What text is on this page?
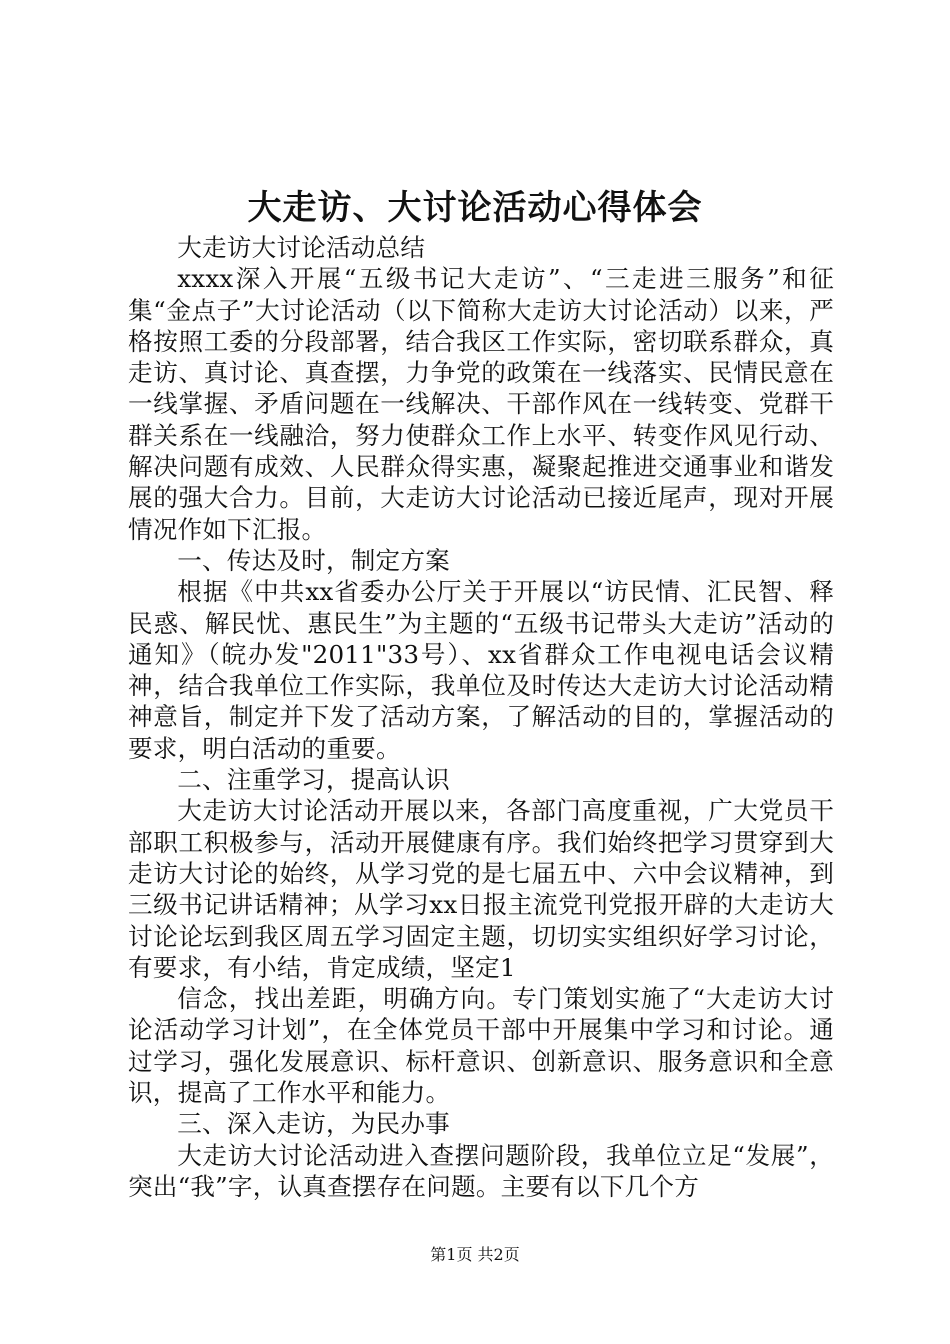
大走访、大讨论活动心得体会

大走访大讨论活动总结

xxxx深入开展“五级书记大走访”、“三走进三服务”和征集“金点子”大讨论活动（以下简称大走访大讨论活动）以来，严格按照工委的分段部署，结合我区工作实际，密切联系群众，真走访、真讨论、真查摆，力争党的政策在一线落实、民情民意在一线掌握、矛盾问题在一线解决、干部作风在一线转变、党群干群关系在一线融洽，努力使群众工作上水平、转变作风见行动、解决问题有成效、人民群众得实惠，凝聚起推进交通事业和谐发展的强大合力。目前，大走访大讨论活动已接近尾声，现对开展情况作如下汇报。

一、传达及时，制定方案

根据《中共xx省委办公厅关于开展以“访民情、汇民智、释民惑、解民忧、惠民生”为主题的“五级书记带头大走访”活动的通知》（皖办发"2011"33号）、xx省群众工作电视电话会议精神，结合我单位工作实际，我单位及时传达大走访大讨论活动精神意旨，制定并下发了活动方案，了解活动的目的，掌握活动的要求，明白活动的重要。

二、注重学习，提高认识

大走访大讨论活动开展以来，各部门高度重视，广大党员干部职工积极参与，活动开展健康有序。我们始终把学习贯穿到大走访大讨论的始终，从学习党的是七届五中、六中会议精神，到三级书记讲话精神；从学习xx日报主流党刊党报开辟的大走访大讨论论坛到我区周五学习固定主题，切切实实组织好学习讨论，有要求，有小结，肯定成绩，坚定1

信念，找出差距，明确方向。专门策划实施了“大走访大讨论活动学习计划”，在全体党员干部中开展集中学习和讨论。通过学习，强化发展意识、标杆意识、创新意识、服务意识和全意识，提高了工作水平和能力。

三、深入走访，为民办事

大走访大讨论活动进入查摆问题阶段，我单位立足“发展”，突出“我”字，认真查摆存在问题。主要有以下几个方

第1页 共2页
